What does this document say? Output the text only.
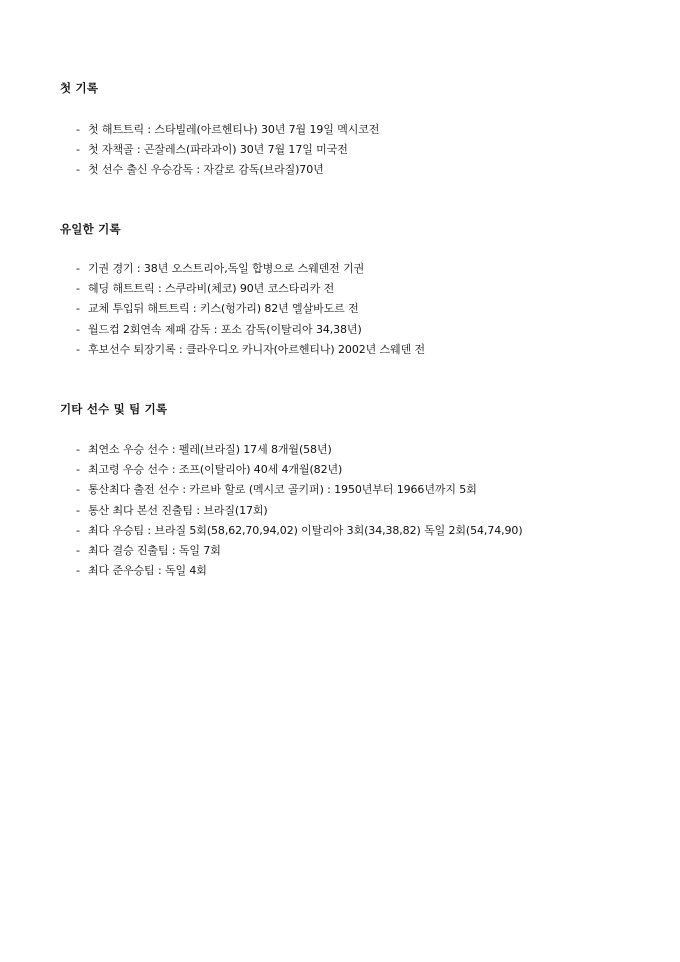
첫 기록
- 첫 해트트릭 : 스타빌레(아르헨티나) 30년 7월 19일 멕시코전
- 첫 자책골 : 곤잘레스(파라과이) 30년 7월 17일 미국전
- 첫 선수 출신 우승감독 : 자갈로 감독(브라질)70년
유일한 기록
- 기권 경기 : 38년 오스트리아,독일 합병으로 스웨덴전 기권
- 헤딩 해트트릭 : 스쿠라비(체코) 90년 코스타리카 전
- 교체 투입뒤 해트트릭 : 키스(헝가리) 82년 엘살바도르 전
- 월드컵 2회연속 제패 감독 : 포소 감독(이탈리아 34,38년)
- 후보선수 퇴장기록 : 클라우디오 카니자(아르헨티나) 2002년 스웨덴 전
기타 선수 및 팀 기록
- 최연소 우승 선수 : 펠레(브라질) 17세 8개월(58년)
- 최고령 우승 선수 : 조프(이탈리아) 40세 4개월(82년)
- 통산최다 출전 선수 : 카르바 할로 (멕시코 골키퍼) : 1950년부터 1966년까지 5회
- 통산 최다 본선 진출팀 : 브라질(17회)
- 최다 우승팀 : 브라질 5회(58,62,70,94,02) 이탈리아 3회(34,38,82) 독일 2회(54,74,90)
- 최다 결승 진출팀 : 독일 7회
- 최다 준우승팀 : 독일 4회
